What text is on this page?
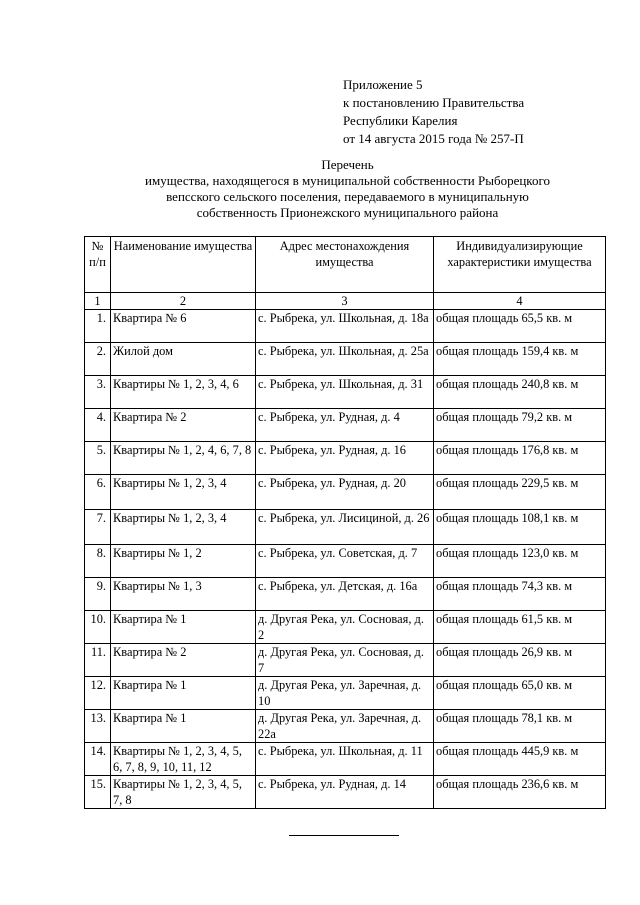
Приложение 5
к постановлению Правительства
Республики Карелия
от 14 августа 2015 года № 257-П
Перечень
имущества, находящегося в муниципальной собственности Рыборецкого
вепсского сельского поселения, передаваемого в муниципальную
собственность Прионежского муниципального района
№ п/п	Наименование имущества	Адрес местонахождения имущества	Индивидуализирующие характеристики имущества
1	2	3	4
1.	Квартира № 6	с. Рыбрека, ул. Школьная, д. 18а	общая площадь 65,5 кв. м
2.	Жилой дом	с. Рыбрека, ул. Школьная, д. 25а	общая площадь 159,4 кв. м
3.	Квартиры № 1, 2, 3, 4, 6	с. Рыбрека, ул. Школьная, д. 31	общая площадь 240,8 кв. м
4.	Квартира № 2	с. Рыбрека, ул. Рудная, д. 4	общая площадь 79,2 кв. м
5.	Квартиры № 1, 2, 4, 6, 7, 8	с. Рыбрека, ул. Рудная, д. 16	общая площадь 176,8 кв. м
6.	Квартиры № 1, 2, 3, 4	с. Рыбрека, ул. Рудная, д. 20	общая площадь 229,5 кв. м
7.	Квартиры № 1, 2, 3, 4	с. Рыбрека, ул. Лисициной, д. 26	общая площадь 108,1 кв. м
8.	Квартиры № 1, 2	с. Рыбрека, ул. Советская, д. 7	общая площадь 123,0 кв. м
9.	Квартиры № 1, 3	с. Рыбрека, ул. Детская, д. 16а	общая площадь 74,3 кв. м
10.	Квартира № 1	д. Другая Река, ул. Сосновая, д. 2	общая площадь 61,5 кв. м
11.	Квартира № 2	д. Другая Река, ул. Сосновая, д. 7	общая площадь 26,9 кв. м
12.	Квартира № 1	д. Другая Река, ул. Заречная, д. 10	общая площадь 65,0 кв. м
13.	Квартира № 1	д. Другая Река, ул. Заречная, д. 22а	общая площадь 78,1 кв. м
14.	Квартиры № 1, 2, 3, 4, 5, 6, 7, 8, 9, 10, 11, 12	с. Рыбрека, ул. Школьная, д. 11	общая площадь 445,9 кв. м
15.	Квартиры № 1, 2, 3, 4, 5, 7, 8	с. Рыбрека, ул. Рудная, д. 14	общая площадь 236,6 кв. м
